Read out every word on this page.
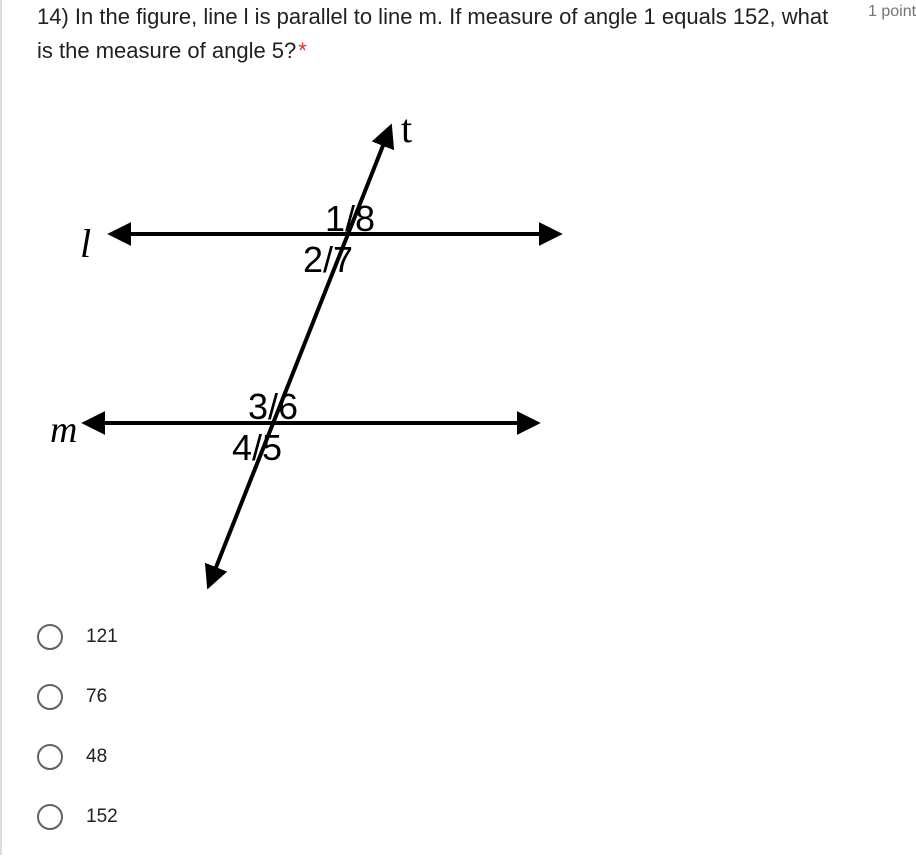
14) In the figure, line l is parallel to line m. If measure of angle 1 equals 152, what is the measure of angle 5?*
1 point
l
m
t
1/8
2/7
3/6
4/5
121
76
48
152
